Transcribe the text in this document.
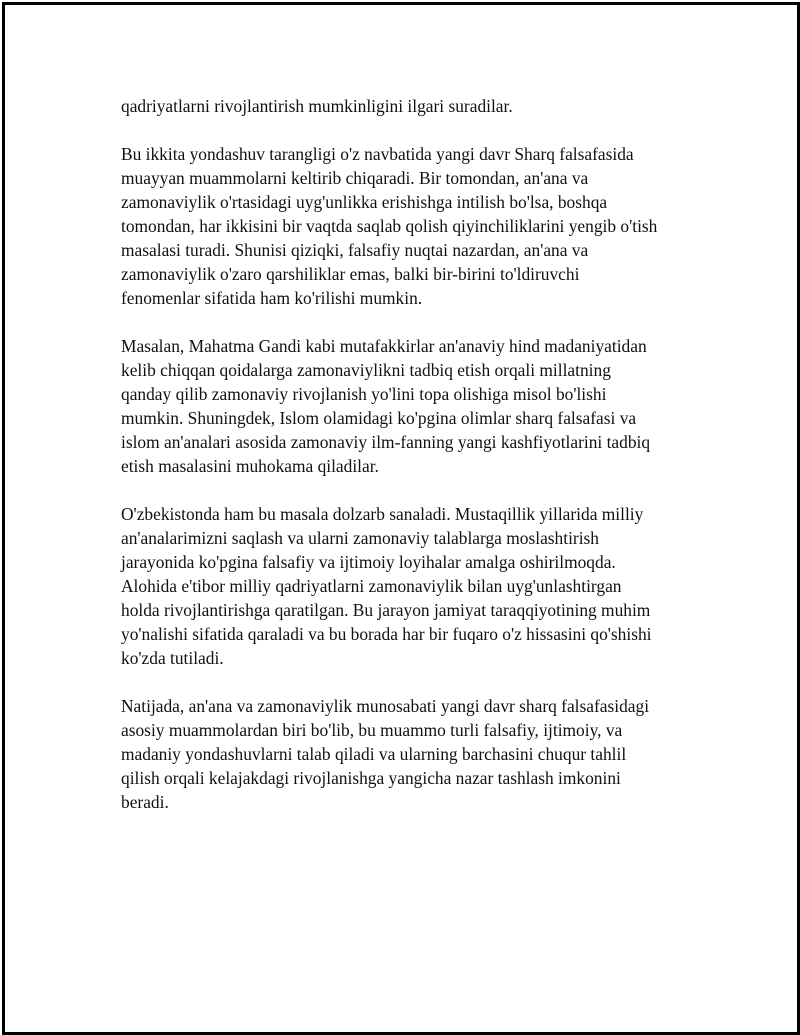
qadriyatlarni rivojlantirish mumkinligini ilgari suradilar.

Bu ikkita yondashuv tarangligi o'z navbatida yangi davr Sharq falsafasida
muayyan muammolarni keltirib chiqaradi. Bir tomondan, an'ana va
zamonaviylik o'rtasidagi uyg'unlikka erishishga intilish bo'lsa, boshqa
tomondan, har ikkisini bir vaqtda saqlab qolish qiyinchiliklarini yengib o'tish
masalasi turadi. Shunisi qiziqki, falsafiy nuqtai nazardan, an'ana va
zamonaviylik o'zaro qarshiliklar emas, balki bir-birini to'ldiruvchi
fenomenlar sifatida ham ko'rilishi mumkin.

Masalan, Mahatma Gandi kabi mutafakkirlar an'anaviy hind madaniyatidan
kelib chiqqan qoidalarga zamonaviylikni tadbiq etish orqali millatning
qanday qilib zamonaviy rivojlanish yo'lini topa olishiga misol bo'lishi
mumkin. Shuningdek, Islom olamidagi ko'pgina olimlar sharq falsafasi va
islom an'analari asosida zamonaviy ilm-fanning yangi kashfiyotlarini tadbiq
etish masalasini muhokama qiladilar.

O'zbekistonda ham bu masala dolzarb sanaladi. Mustaqillik yillarida milliy
an'analarimizni saqlash va ularni zamonaviy talablarga moslashtirish
jarayonida ko'pgina falsafiy va ijtimoiy loyihalar amalga oshirilmoqda.
Alohida e'tibor milliy qadriyatlarni zamonaviylik bilan uyg'unlashtirgan
holda rivojlantirishga qaratilgan. Bu jarayon jamiyat taraqqiyotining muhim
yo'nalishi sifatida qaraladi va bu borada har bir fuqaro o'z hissasini qo'shishi
ko'zda tutiladi.

Natijada, an'ana va zamonaviylik munosabati yangi davr sharq falsafasidagi
asosiy muammolardan biri bo'lib, bu muammo turli falsafiy, ijtimoiy, va
madaniy yondashuvlarni talab qiladi va ularning barchasini chuqur tahlil
qilish orqali kelajakdagi rivojlanishga yangicha nazar tashlash imkonini
beradi.
